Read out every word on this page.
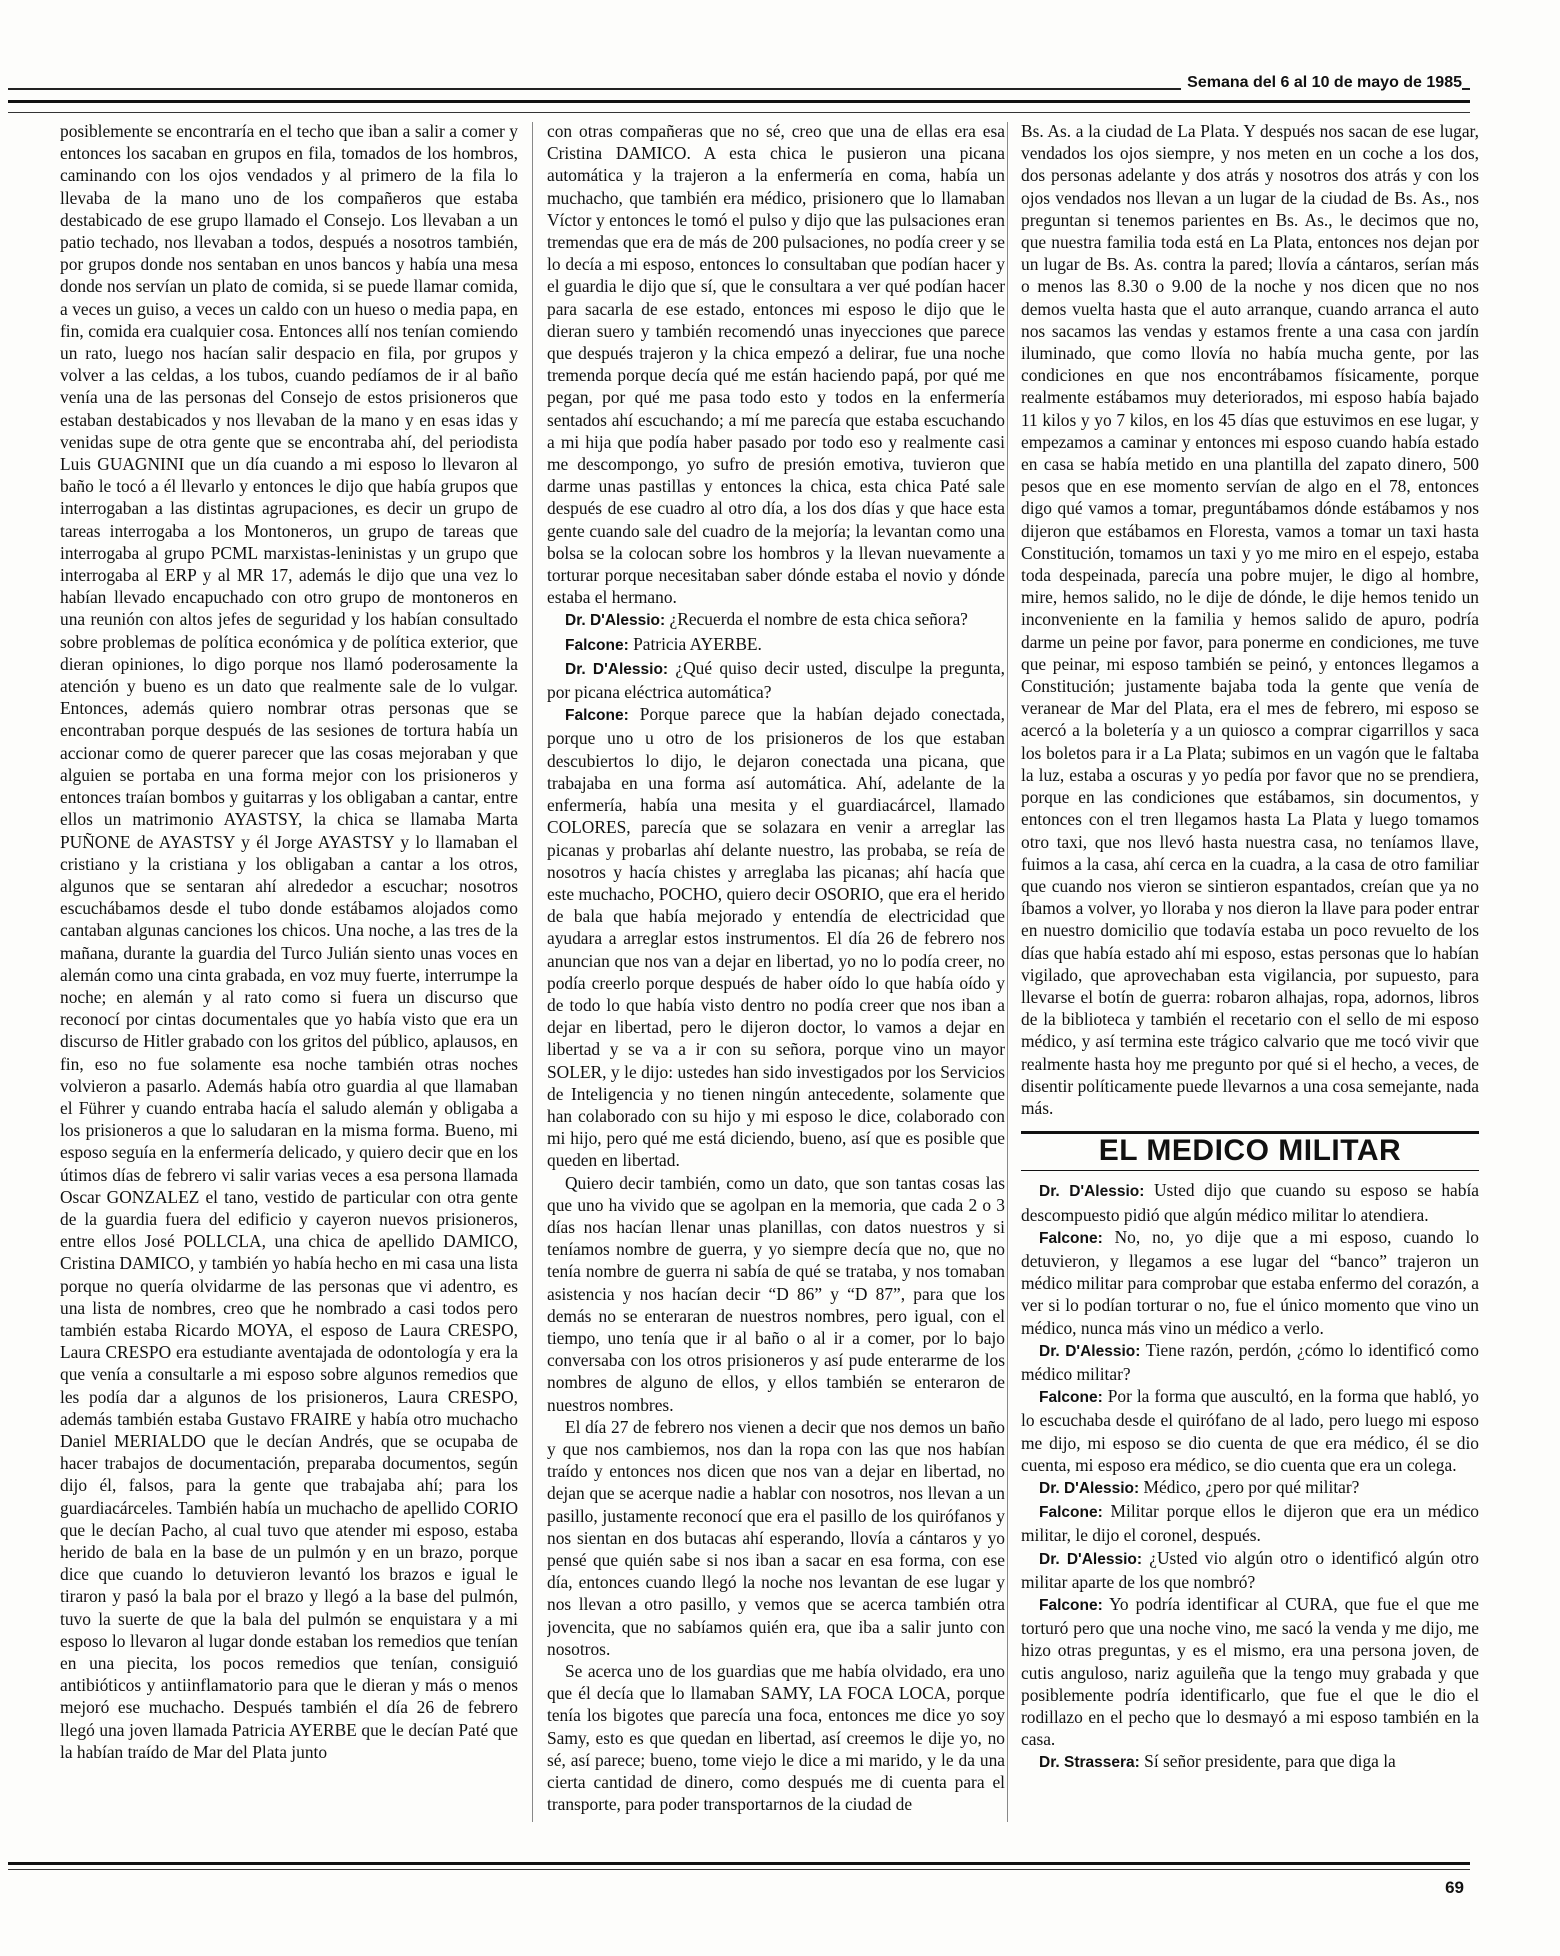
Semana del 6 al 10 de mayo de 1985

posiblemente se encontraría en el techo que iban a salir a comer y entonces los sacaban en grupos en fila, tomados de los hombros, caminando con los ojos vendados y al primero de la fila lo llevaba de la mano uno de los compañeros que estaba destabicado de ese grupo llamado el Consejo. Los llevaban a un patio techado, nos llevaban a todos, después a nosotros también, por grupos donde nos sentaban en unos bancos y había una mesa donde nos servían un plato de comida, si se puede llamar comida, a veces un guiso, a veces un caldo con un hueso o media papa, en fin, comida era cualquier cosa. Entonces allí nos tenían comiendo un rato, luego nos hacían salir despacio en fila, por grupos y volver a las celdas, a los tubos, cuando pedíamos de ir al baño venía una de las personas del Consejo de estos prisioneros que estaban destabicados y nos llevaban de la mano y en esas idas y venidas supe de otra gente que se encontraba ahí, del periodista Luis GUAGNINI que un día cuando a mi esposo lo llevaron al baño le tocó a él llevarlo y entonces le dijo que había grupos que interrogaban a las distintas agrupaciones, es decir un grupo de tareas interrogaba a los Montoneros, un grupo de tareas que interrogaba al grupo PCML marxistas-leninistas y un grupo que interrogaba al ERP y al MR 17, además le dijo que una vez lo habían llevado encapuchado con otro grupo de montoneros en una reunión con altos jefes de seguridad y los habían consultado sobre problemas de política económica y de política exterior, que dieran opiniones, lo digo porque nos llamó poderosamente la atención y bueno es un dato que realmente sale de lo vulgar. Entonces, además quiero nombrar otras personas que se encontraban porque después de las sesiones de tortura había un accionar como de querer parecer que las cosas mejoraban y que alguien se portaba en una forma mejor con los prisioneros y entonces traían bombos y guitarras y los obligaban a cantar, entre ellos un matrimonio AYASTSY, la chica se llamaba Marta PUÑONE de AYASTSY y él Jorge AYASTSY y lo llamaban el cristiano y la cristiana y los obligaban a cantar a los otros, algunos que se sentaran ahí alrededor a escuchar; nosotros escuchábamos desde el tubo donde estábamos alojados como cantaban algunas canciones los chicos. Una noche, a las tres de la mañana, durante la guardia del Turco Julián siento unas voces en alemán como una cinta grabada, en voz muy fuerte, interrumpe la noche; en alemán y al rato como si fuera un discurso que reconocí por cintas documentales que yo había visto que era un discurso de Hitler grabado con los gritos del público, aplausos, en fin, eso no fue solamente esa noche también otras noches volvieron a pasarlo. Además había otro guardia al que llamaban el Führer y cuando entraba hacía el saludo alemán y obligaba a los prisioneros a que lo saludaran en la misma forma. Bueno, mi esposo seguía en la enfermería delicado, y quiero decir que en los útimos días de febrero vi salir varias veces a esa persona llamada Oscar GONZALEZ el tano, vestido de particular con otra gente de la guardia fuera del edificio y cayeron nuevos prisioneros, entre ellos José POLLCLA, una chica de apellido DAMICO, Cristina DAMICO, y también yo había hecho en mi casa una lista porque no quería olvidarme de las personas que vi adentro, es una lista de nombres, creo que he nombrado a casi todos pero también estaba Ricardo MOYA, el esposo de Laura CRESPO, Laura CRESPO era estudiante aventajada de odontología y era la que venía a consultarle a mi esposo sobre algunos remedios que les podía dar a algunos de los prisioneros, Laura CRESPO, además también estaba Gustavo FRAIRE y había otro muchacho Daniel MERIALDO que le decían Andrés, que se ocupaba de hacer trabajos de documentación, preparaba documentos, según dijo él, falsos, para la gente que trabajaba ahí; para los guardiacárceles. También había un muchacho de apellido CORIO que le decían Pacho, al cual tuvo que atender mi esposo, estaba herido de bala en la base de un pulmón y en un brazo, porque dice que cuando lo detuvieron levantó los brazos e igual le tiraron y pasó la bala por el brazo y llegó a la base del pulmón, tuvo la suerte de que la bala del pulmón se enquistara y a mi esposo lo llevaron al lugar donde estaban los remedios que tenían en una piecita, los pocos remedios que tenían, consiguió antibióticos y antiinflamatorio para que le dieran y más o menos mejoró ese muchacho. Después también el día 26 de febrero llegó una joven llamada Patricia AYERBE que le decían Paté que la habían traído de Mar del Plata junto

con otras compañeras que no sé, creo que una de ellas era esa Cristina DAMICO. A esta chica le pusieron una picana automática y la trajeron a la enfermería en coma, había un muchacho, que también era médico, prisionero que lo llamaban Víctor y entonces le tomó el pulso y dijo que las pulsaciones eran tremendas que era de más de 200 pulsaciones, no podía creer y se lo decía a mi esposo, entonces lo consultaban que podían hacer y el guardia le dijo que sí, que le consultara a ver qué podían hacer para sacarla de ese estado, entonces mi esposo le dijo que le dieran suero y también recomendó unas inyecciones que parece que después trajeron y la chica empezó a delirar, fue una noche tremenda porque decía qué me están haciendo papá, por qué me pegan, por qué me pasa todo esto y todos en la enfermería sentados ahí escuchando; a mí me parecía que estaba escuchando a mi hija que podía haber pasado por todo eso y realmente casi me descompongo, yo sufro de presión emotiva, tuvieron que darme unas pastillas y entonces la chica, esta chica Paté sale después de ese cuadro al otro día, a los dos días y que hace esta gente cuando sale del cuadro de la mejoría; la levantan como una bolsa se la colocan sobre los hombros y la llevan nuevamente a torturar porque necesitaban saber dónde estaba el novio y dónde estaba el hermano.

Dr. D'Alessio: ¿Recuerda el nombre de esta chica señora?

Falcone: Patricia AYERBE.

Dr. D'Alessio: ¿Qué quiso decir usted, disculpe la pregunta, por picana eléctrica automática?

Falcone: Porque parece que la habían dejado conectada, porque uno u otro de los prisioneros de los que estaban descubiertos lo dijo, le dejaron conectada una picana, que trabajaba en una forma así automática. Ahí, adelante de la enfermería, había una mesita y el guardiacárcel, llamado COLORES, parecía que se solazara en venir a arreglar las picanas y probarlas ahí delante nuestro, las probaba, se reía de nosotros y hacía chistes y arreglaba las picanas; ahí hacía que este muchacho, POCHO, quiero decir OSORIO, que era el herido de bala que había mejorado y entendía de electricidad que ayudara a arreglar estos instrumentos. El día 26 de febrero nos anuncian que nos van a dejar en libertad, yo no lo podía creer, no podía creerlo porque después de haber oído lo que había oído y de todo lo que había visto dentro no podía creer que nos iban a dejar en libertad, pero le dijeron doctor, lo vamos a dejar en libertad y se va a ir con su señora, porque vino un mayor SOLER, y le dijo: ustedes han sido investigados por los Servicios de Inteligencia y no tienen ningún antecedente, solamente que han colaborado con su hijo y mi esposo le dice, colaborado con mi hijo, pero qué me está diciendo, bueno, así que es posible que queden en libertad.

Quiero decir también, como un dato, que son tantas cosas las que uno ha vivido que se agolpan en la memoria, que cada 2 o 3 días nos hacían llenar unas planillas, con datos nuestros y si teníamos nombre de guerra, y yo siempre decía que no, que no tenía nombre de guerra ni sabía de qué se trataba, y nos tomaban asistencia y nos hacían decir “D 86” y “D 87”, para que los demás no se enteraran de nuestros nombres, pero igual, con el tiempo, uno tenía que ir al baño o al ir a comer, por lo bajo conversaba con los otros prisioneros y así pude enterarme de los nombres de alguno de ellos, y ellos también se enteraron de nuestros nombres.

El día 27 de febrero nos vienen a decir que nos demos un baño y que nos cambiemos, nos dan la ropa con las que nos habían traído y entonces nos dicen que nos van a dejar en libertad, no dejan que se acerque nadie a hablar con nosotros, nos llevan a un pasillo, justamente reconocí que era el pasillo de los quirófanos y nos sientan en dos butacas ahí esperando, llovía a cántaros y yo pensé que quién sabe si nos iban a sacar en esa forma, con ese día, entonces cuando llegó la noche nos levantan de ese lugar y nos llevan a otro pasillo, y vemos que se acerca también otra jovencita, que no sabíamos quién era, que iba a salir junto con nosotros.

Se acerca uno de los guardias que me había olvidado, era uno que él decía que lo llamaban SAMY, LA FOCA LOCA, porque tenía los bigotes que parecía una foca, entonces me dice yo soy Samy, esto es que quedan en libertad, así creemos le dije yo, no sé, así parece; bueno, tome viejo le dice a mi marido, y le da una cierta cantidad de dinero, como después me di cuenta para el transporte, para poder transportarnos de la ciudad de

Bs. As. a la ciudad de La Plata. Y después nos sacan de ese lugar, vendados los ojos siempre, y nos meten en un coche a los dos, dos personas adelante y dos atrás y nosotros dos atrás y con los ojos vendados nos llevan a un lugar de la ciudad de Bs. As., nos preguntan si tenemos parientes en Bs. As., le decimos que no, que nuestra familia toda está en La Plata, entonces nos dejan por un lugar de Bs. As. contra la pared; llovía a cántaros, serían más o menos las 8.30 o 9.00 de la noche y nos dicen que no nos demos vuelta hasta que el auto arranque, cuando arranca el auto nos sacamos las vendas y estamos frente a una casa con jardín iluminado, que como llovía no había mucha gente, por las condiciones en que nos encontrábamos físicamente, porque realmente estábamos muy deteriorados, mi esposo había bajado 11 kilos y yo 7 kilos, en los 45 días que estuvimos en ese lugar, y empezamos a caminar y entonces mi esposo cuando había estado en casa se había metido en una plantilla del zapato dinero, 500 pesos que en ese momento servían de algo en el 78, entonces digo qué vamos a tomar, preguntábamos dónde estábamos y nos dijeron que estábamos en Floresta, vamos a tomar un taxi hasta Constitución, tomamos un taxi y yo me miro en el espejo, estaba toda despeinada, parecía una pobre mujer, le digo al hombre, mire, hemos salido, no le dije de dónde, le dije hemos tenido un inconveniente en la familia y hemos salido de apuro, podría darme un peine por favor, para ponerme en condiciones, me tuve que peinar, mi esposo también se peinó, y entonces llegamos a Constitución; justamente bajaba toda la gente que venía de veranear de Mar del Plata, era el mes de febrero, mi esposo se acercó a la boletería y a un quiosco a comprar cigarrillos y saca los boletos para ir a La Plata; subimos en un vagón que le faltaba la luz, estaba a oscuras y yo pedía por favor que no se prendiera, porque en las condiciones que estábamos, sin documentos, y entonces con el tren llegamos hasta La Plata y luego tomamos otro taxi, que nos llevó hasta nuestra casa, no teníamos llave, fuimos a la casa, ahí cerca en la cuadra, a la casa de otro familiar que cuando nos vieron se sintieron espantados, creían que ya no íbamos a volver, yo lloraba y nos dieron la llave para poder entrar en nuestro domicilio que todavía estaba un poco revuelto de los días que había estado ahí mi esposo, estas personas que lo habían vigilado, que aprovechaban esta vigilancia, por supuesto, para llevarse el botín de guerra: robaron alhajas, ropa, adornos, libros de la biblioteca y también el recetario con el sello de mi esposo médico, y así termina este trágico calvario que me tocó vivir que realmente hasta hoy me pregunto por qué si el hecho, a veces, de disentir políticamente puede llevarnos a una cosa semejante, nada más.

EL MEDICO MILITAR

Dr. D'Alessio: Usted dijo que cuando su esposo se había descompuesto pidió que algún médico militar lo atendiera.

Falcone: No, no, yo dije que a mi esposo, cuando lo detuvieron, y llegamos a ese lugar del “banco” trajeron un médico militar para comprobar que estaba enfermo del corazón, a ver si lo podían torturar o no, fue el único momento que vino un médico, nunca más vino un médico a verlo.

Dr. D'Alessio: Tiene razón, perdón, ¿cómo lo identificó como médico militar?

Falcone: Por la forma que auscultó, en la forma que habló, yo lo escuchaba desde el quirófano de al lado, pero luego mi esposo me dijo, mi esposo se dio cuenta de que era médico, él se dio cuenta, mi esposo era médico, se dio cuenta que era un colega.

Dr. D'Alessio: Médico, ¿pero por qué militar?

Falcone: Militar porque ellos le dijeron que era un médico militar, le dijo el coronel, después.

Dr. D'Alessio: ¿Usted vio algún otro o identificó algún otro militar aparte de los que nombró?

Falcone: Yo podría identificar al CURA, que fue el que me torturó pero que una noche vino, me sacó la venda y me dijo, me hizo otras preguntas, y es el mismo, era una persona joven, de cutis anguloso, nariz aguileña que la tengo muy grabada y que posiblemente podría identificarlo, que fue el que le dio el rodillazo en el pecho que lo desmayó a mi esposo también en la casa.

Dr. Strassera: Sí señor presidente, para que diga la

69
